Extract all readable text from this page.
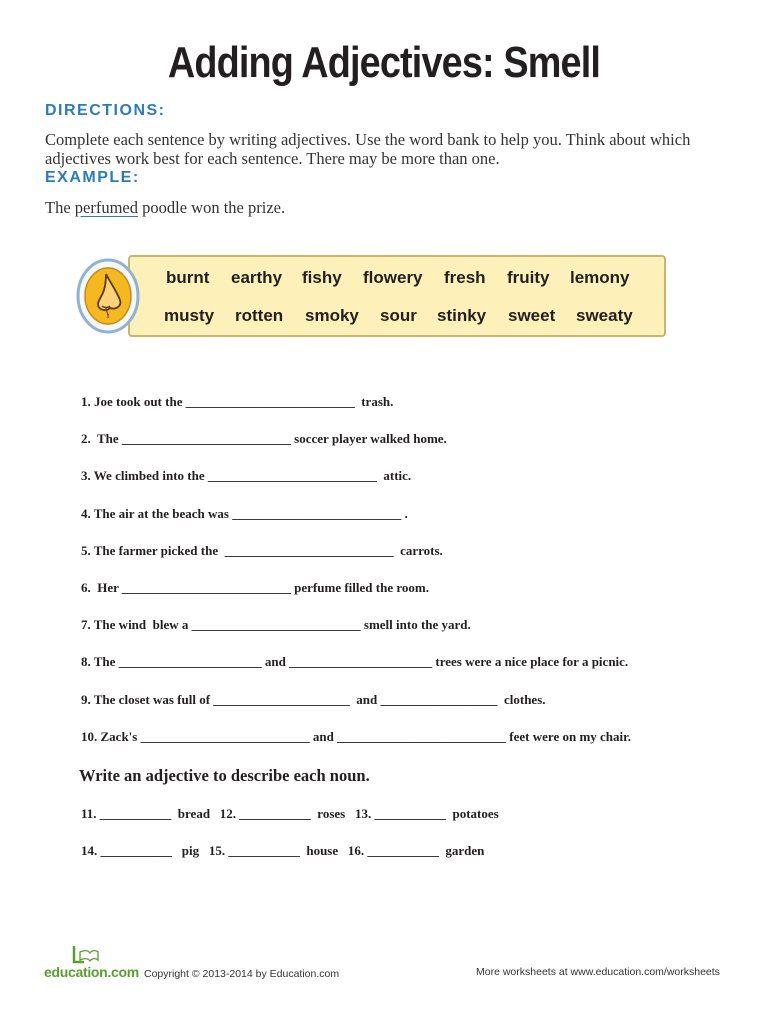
Adding Adjectives: Smell
DIRECTIONS:
Complete each sentence by writing adjectives. Use the word bank to help you. Think about which adjectives work best for each sentence. There may be more than one.
EXAMPLE:
The perfumed poodle won the prize.
burnt earthy fishy flowery fresh fruity lemony
musty rotten smoky sour stinky sweet sweaty
1. Joe took out the __________________________  trash.
2.  The __________________________ soccer player walked home.
3. We climbed into the __________________________  attic.
4. The air at the beach was __________________________ .
5. The farmer picked the  __________________________  carrots.
6.  Her __________________________ perfume filled the room.
7. The wind  blew a __________________________ smell into the yard.
8. The ______________________ and ______________________ trees were a nice place for a picnic.
9. The closet was full of _____________________  and __________________  clothes.
10. Zack's __________________________ and __________________________ feet were on my chair.
Write an adjective to describe each noun.
11. ___________  bread   12. ___________  roses   13. ___________  potatoes
14. ___________   pig   15. ___________  house   16. ___________  garden
education.com Copyright © 2013-2014 by Education.com	More worksheets at www.education.com/worksheets
